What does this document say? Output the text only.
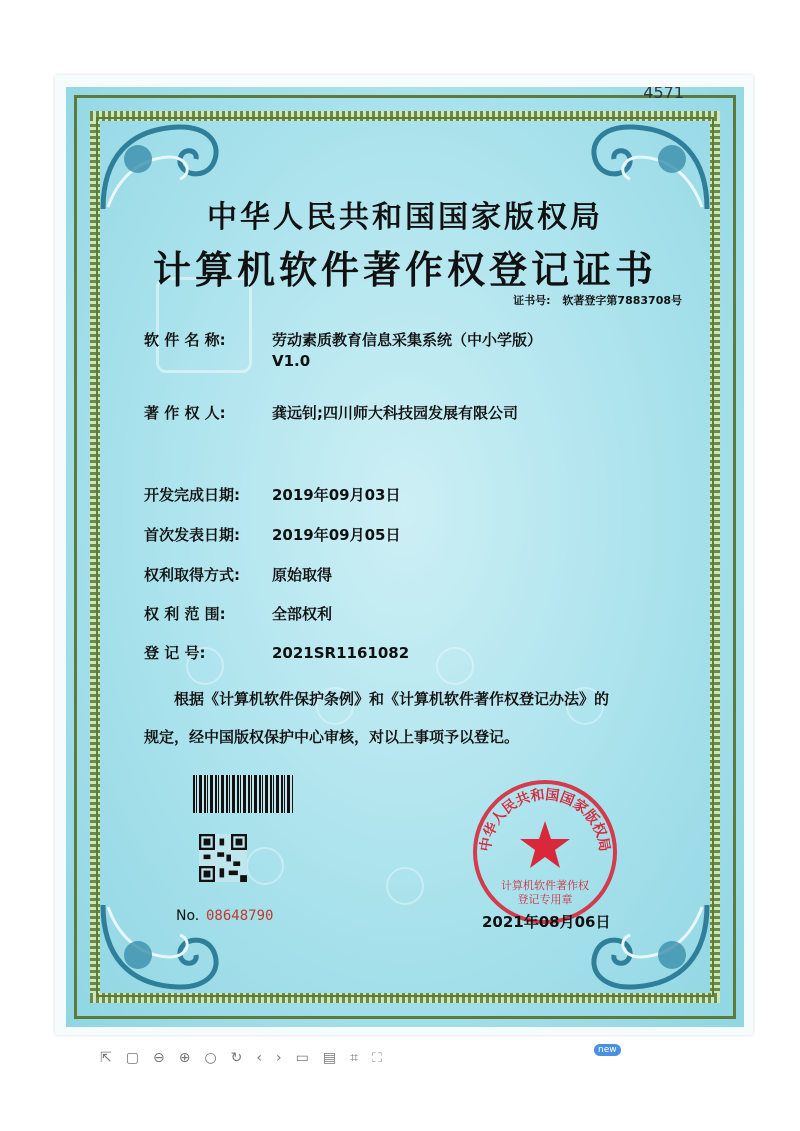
4571
中华人民共和国国家版权局
计算机软件著作权登记证书
证书号: 软著登字第7883708号
软 件 名 称:	劳动素质教育信息采集系统（中小学版）
V1.0
著 作 权 人:	龚远钊;四川师大科技园发展有限公司
开发完成日期: 2019年09月03日
首次发表日期: 2019年09月05日
权利取得方式: 原始取得
权 利 范 围:	全部权利
登 记 号:	2021SR1161082
根据《计算机软件保护条例》和《计算机软件著作权登记办法》的
规定，经中国版权保护中心审核，对以上事项予以登记。
No. 08648790
中华人民共和国国家版权局
计算机软件著作权
登记专用章
2021年08月06日
⇱▢⊖⊕○↻‹›▭▤⌗⛶	new
